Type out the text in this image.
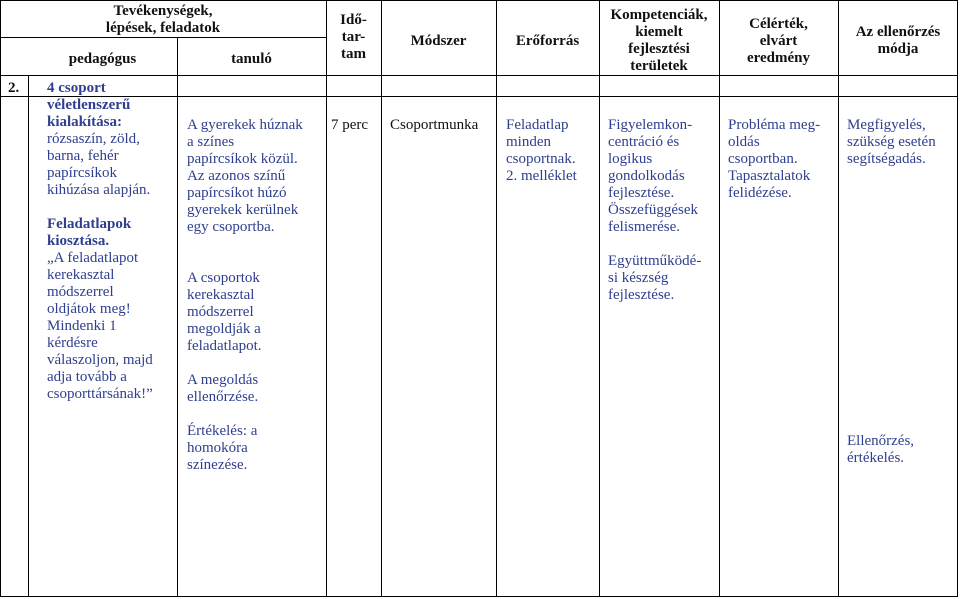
Tevékenységek,
lépések, feladatok
pedagógus	tanuló
Idő-
tar-
tam
Módszer	Erőforrás
Kompetenciák,
kiemelt
fejlesztési
területek
Célérték,
elvárt
eredmény
Az ellenőrzés
módja
2. 4 csoport
véletlenszerű
kialakítása:
rózsaszín, zöld,
barna, fehér
papírcsíkok
kihúzása alapján.
Feladatlapok
kiosztása.
„A feladatlapot
kerekasztal
módszerrel
oldjátok meg!
Mindenki 1
kérdésre
válaszoljon, majd
adja tovább a
csoporttársának!”
A gyerekek húznak
a színes
papírcsíkok közül.
Az azonos színű
papírcsíkot húzó
gyerekek kerülnek
egy csoportba.
A csoportok
kerekasztal
módszerrel
megoldják a
feladatlapot.
A megoldás
ellenőrzése.
Értékelés: a
homokóra
színezése.
7 perc Csoportmunka Feladatlap
minden
csoportnak.
2. melléklet
Figyelemkon-
centráció és
logikus
gondolkodás
fejlesztése.
Összefüggések
felismerése.
Együttműködé-
si készség
fejlesztése.
Probléma meg-
oldás
csoportban.
Tapasztalatok
felidézése.
Megfigyelés,
szükség esetén
segítségadás.
Ellenőrzés,
értékelés.
